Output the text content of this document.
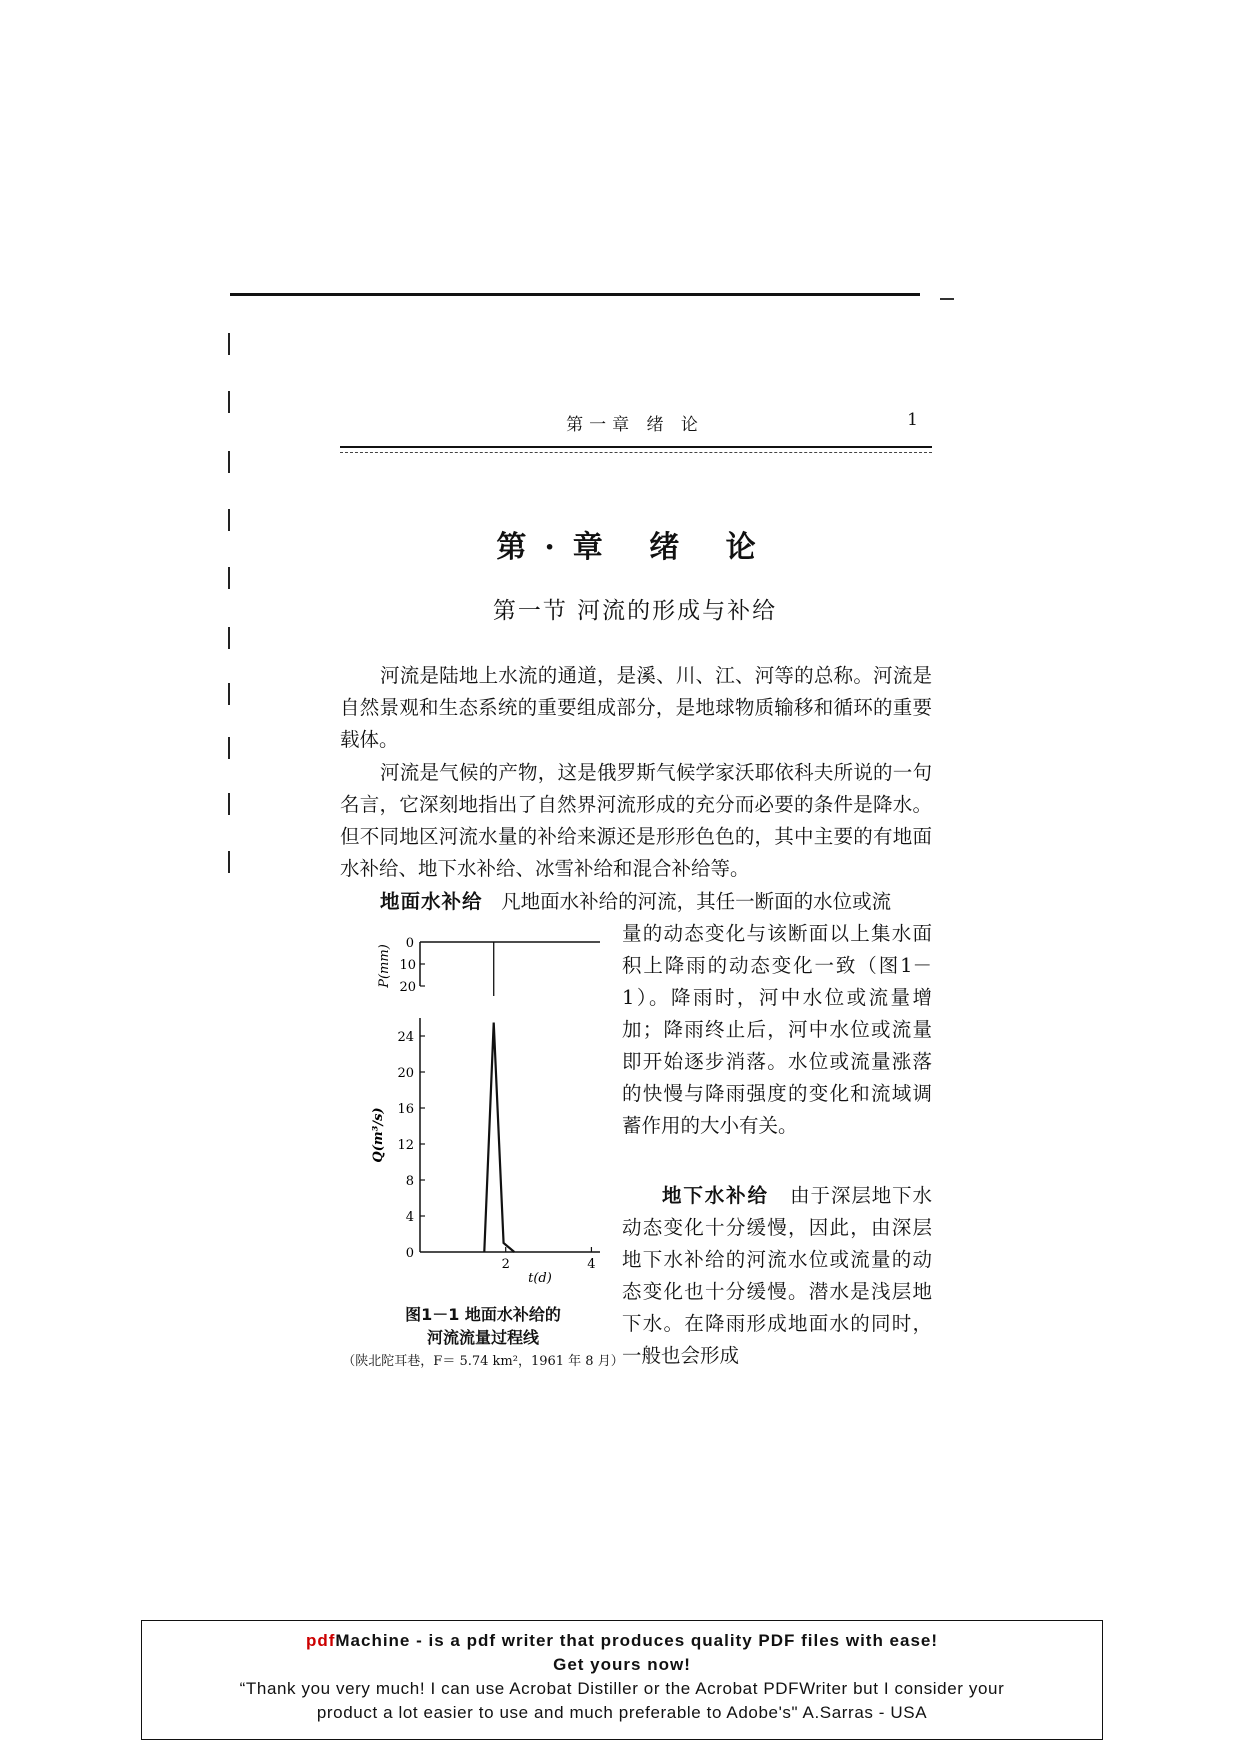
第一章 绪 论	1
第·章 绪 论
第一节 河流的形成与补给
河流是陆地上水流的通道，是溪、川、江、河等的总称。河流是自然景观和生态系统的重要组成部分，是地球物质输移和循环的重要载体。
河流是气候的产物，这是俄罗斯气候学家沃耶依科夫所说的一句名言，它深刻地指出了自然界河流形成的充分而必要的条件是降水。但不同地区河流水量的补给来源还是形形色色的，其中主要的有地面水补给、地下水补给、冰雪补给和混合补给等。
地面水补给 凡地面水补给的河流，其任一断面的水位或流
量的动态变化与该断面以上集水面积上降雨的动态变化一致（图1－1）。降雨时，河中水位或流量增加；降雨终止后，河中水位或流量即开始逐步消落。水位或流量涨落的快慢与降雨强度的变化和流域调蓄作用的大小有关。
地下水补给 由于深层地下水动态变化十分缓慢，因此，由深层地下水补给的河流水位或流量的动态变化也十分缓慢。潜水是浅层地下水。在降雨形成地面水的同时，一般也会形成
0
10
20
P(mm)
0
4
8
12
16
20
24
2	4
Q(m³/s)
t(d)
图1－1 地面水补给的
河流流量过程线
（陕北陀耳巷，F＝ 5.74 km²，1961 年 8 月）
pdfMachine - is a pdf writer that produces quality PDF files with ease!
Get yours now!
“Thank you very much! I can use Acrobat Distiller or the Acrobat PDFWriter but I consider your
product a lot easier to use and much preferable to Adobe's" A.Sarras - USA
